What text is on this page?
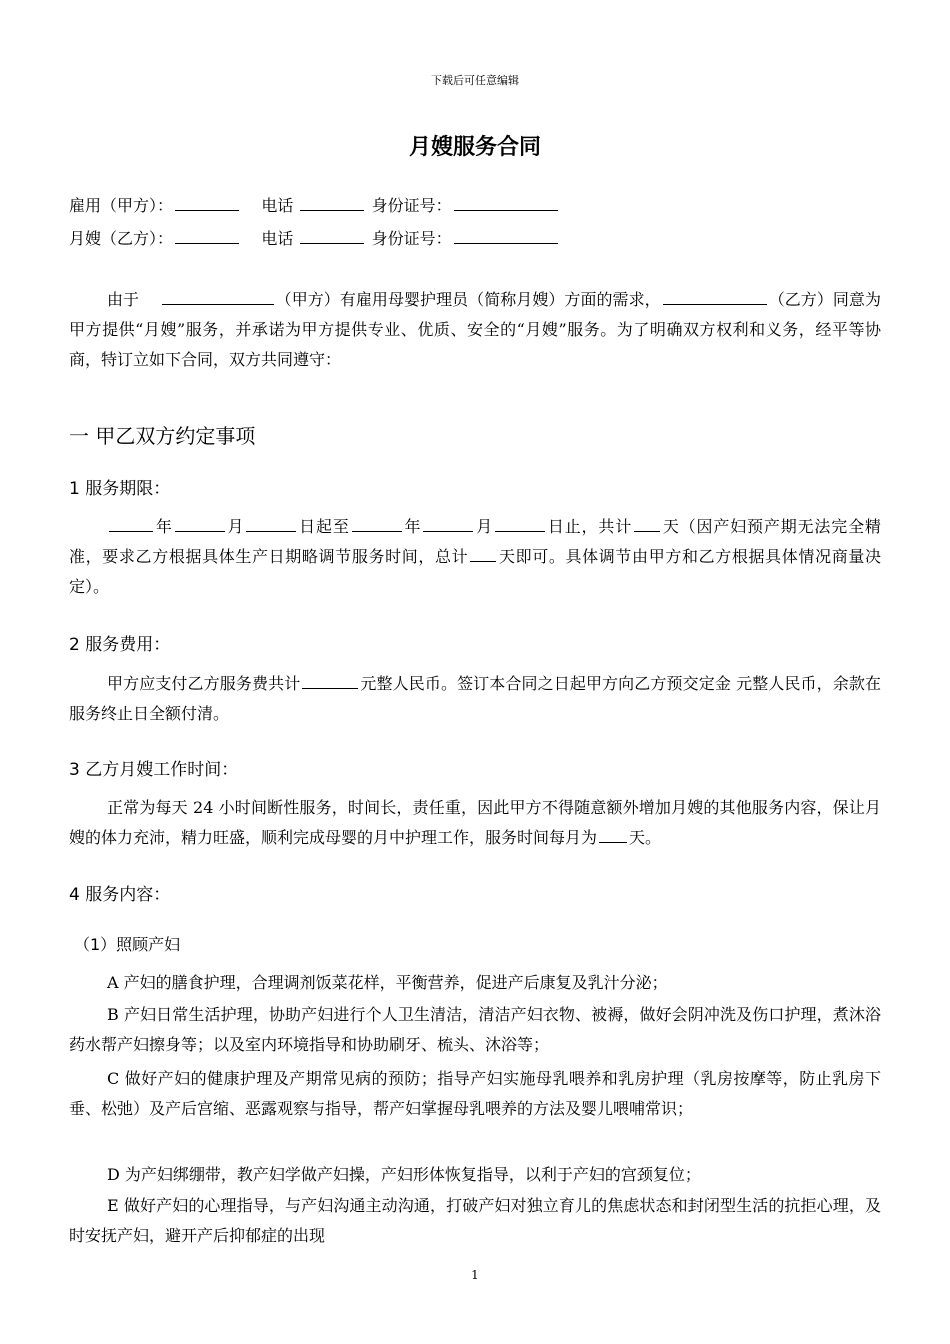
下载后可任意编辑
月嫂服务合同
雇用（甲方）：	电话	身份证号：
月嫂（乙方）：	电话	身份证号：
由于	（甲方）有雇用母婴护理员（简称月嫂）方面的需求，	（乙方）同意为甲方提供“月嫂”服务，并承诺为甲方提供专业、优质、安全的“月嫂”服务。为了明确双方权利和义务，经平等协商，特订立如下合同，双方共同遵守：
一 甲乙双方约定事项
1 服务期限：
年	月	日起至	年	月	日止，共计 天（因产妇预产期无法完全精准，要求乙方根据具体生产日期略调节服务时间，总计 天即可。具体调节由甲方和乙方根据具体情况商量决定）。
2 服务费用：
甲方应支付乙方服务费共计	元整人民币。签订本合同之日起甲方向乙方预交定金 元整人民币，余款在服务终止日全额付清。
3 乙方月嫂工作时间：
正常为每天 24 小时间断性服务，时间长，责任重，因此甲方不得随意额外增加月嫂的其他服务内容，保让月嫂的体力充沛，精力旺盛，顺利完成母婴的月中护理工作，服务时间每月为 天。
4 服务内容：
（1）照顾产妇
A 产妇的膳食护理，合理调剂饭菜花样，平衡营养，促进产后康复及乳汁分泌；
B 产妇日常生活护理，协助产妇进行个人卫生清洁，清洁产妇衣物、被褥，做好会阴冲洗及伤口护理，煮沐浴药水帮产妇擦身等；以及室内环境指导和协助刷牙、梳头、沐浴等；
C 做好产妇的健康护理及产期常见病的预防；指导产妇实施母乳喂养和乳房护理（乳房按摩等，防止乳房下垂、松弛）及产后宫缩、恶露观察与指导，帮产妇掌握母乳喂养的方法及婴儿喂哺常识；
D 为产妇绑绷带，教产妇学做产妇操，产妇形体恢复指导，以利于产妇的宫颈复位；
E 做好产妇的心理指导，与产妇沟通主动沟通，打破产妇对独立育儿的焦虑状态和封闭型生活的抗拒心理，及时安抚产妇，避开产后抑郁症的出现
1
